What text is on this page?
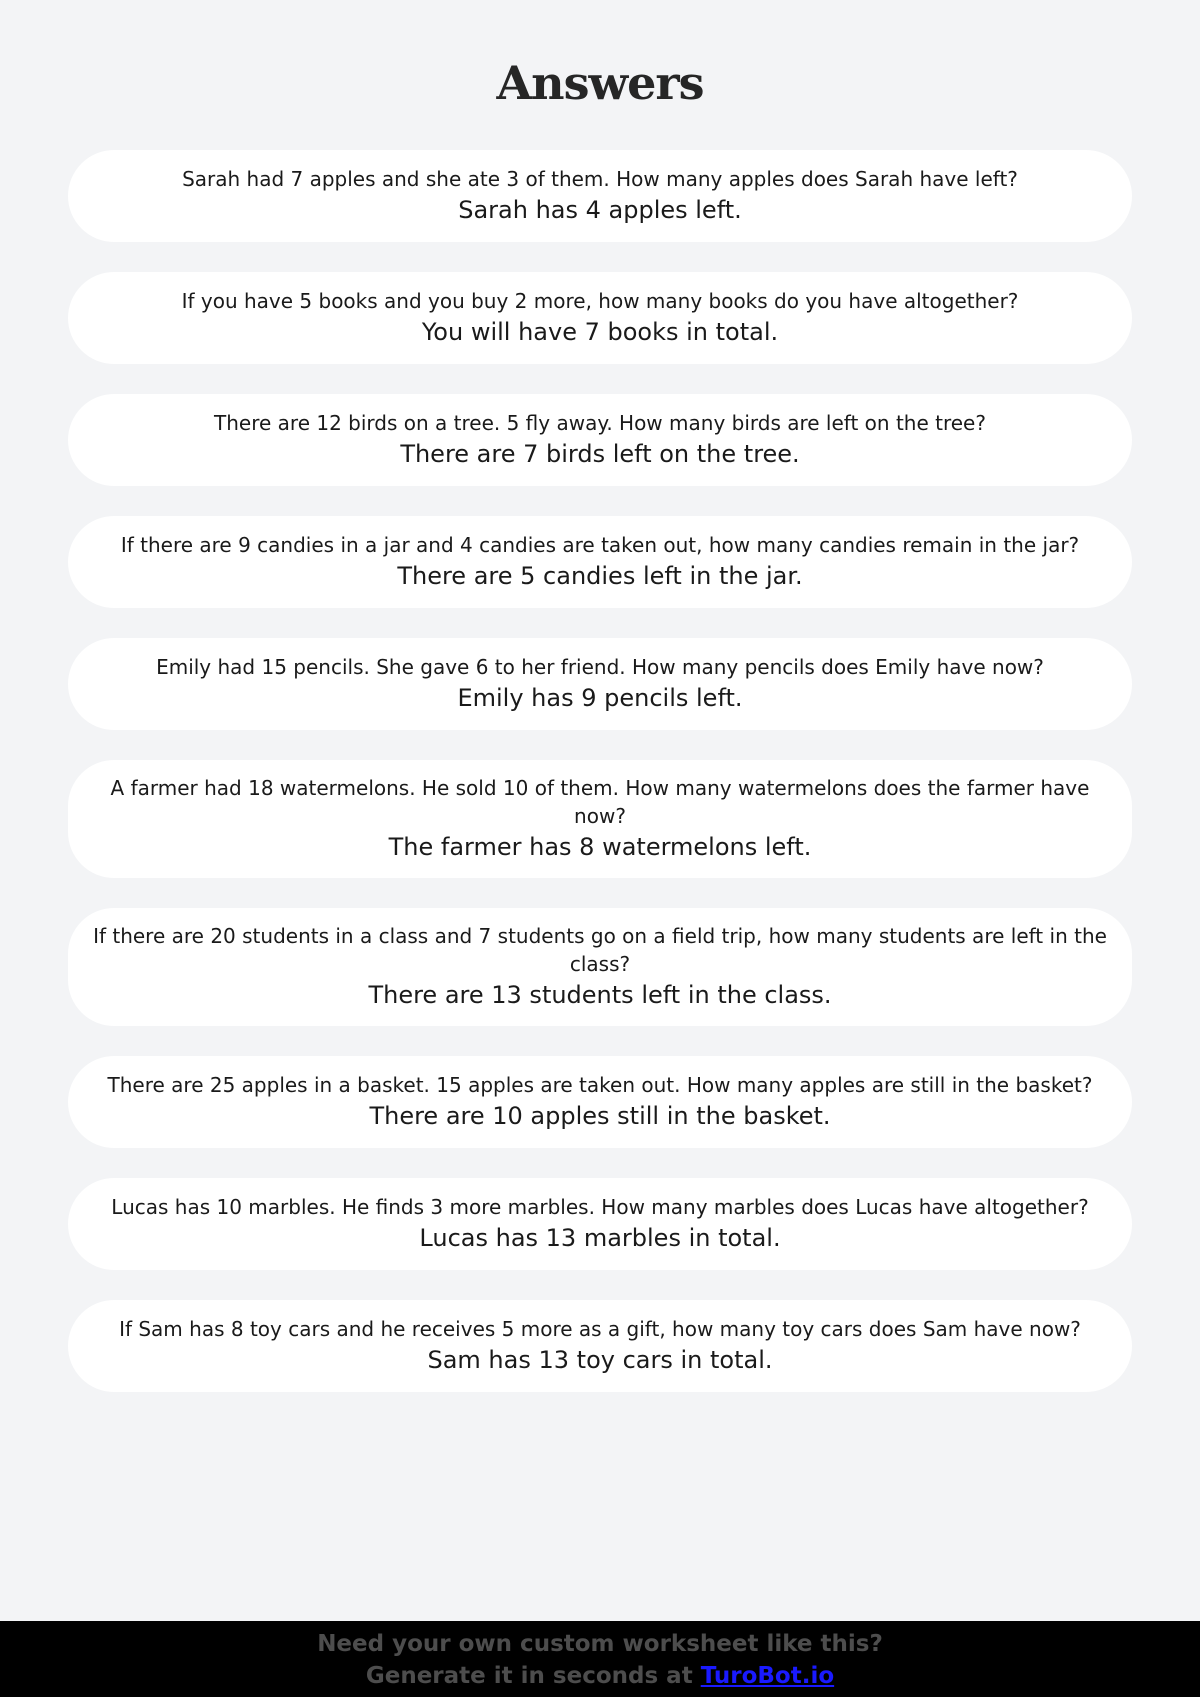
Answers
Sarah had 7 apples and she ate 3 of them. How many apples does Sarah have left?
Sarah has 4 apples left.
If you have 5 books and you buy 2 more, how many books do you have altogether?
You will have 7 books in total.
There are 12 birds on a tree. 5 fly away. How many birds are left on the tree?
There are 7 birds left on the tree.
If there are 9 candies in a jar and 4 candies are taken out, how many candies remain in the jar?
There are 5 candies left in the jar.
Emily had 15 pencils. She gave 6 to her friend. How many pencils does Emily have now?
Emily has 9 pencils left.
A farmer had 18 watermelons. He sold 10 of them. How many watermelons does the farmer have now?
The farmer has 8 watermelons left.
If there are 20 students in a class and 7 students go on a field trip, how many students are left in the class?
There are 13 students left in the class.
There are 25 apples in a basket. 15 apples are taken out. How many apples are still in the basket?
There are 10 apples still in the basket.
Lucas has 10 marbles. He finds 3 more marbles. How many marbles does Lucas have altogether?
Lucas has 13 marbles in total.
If Sam has 8 toy cars and he receives 5 more as a gift, how many toy cars does Sam have now?
Sam has 13 toy cars in total.
Need your own custom worksheet like this?
Generate it in seconds at TuroBot.io
